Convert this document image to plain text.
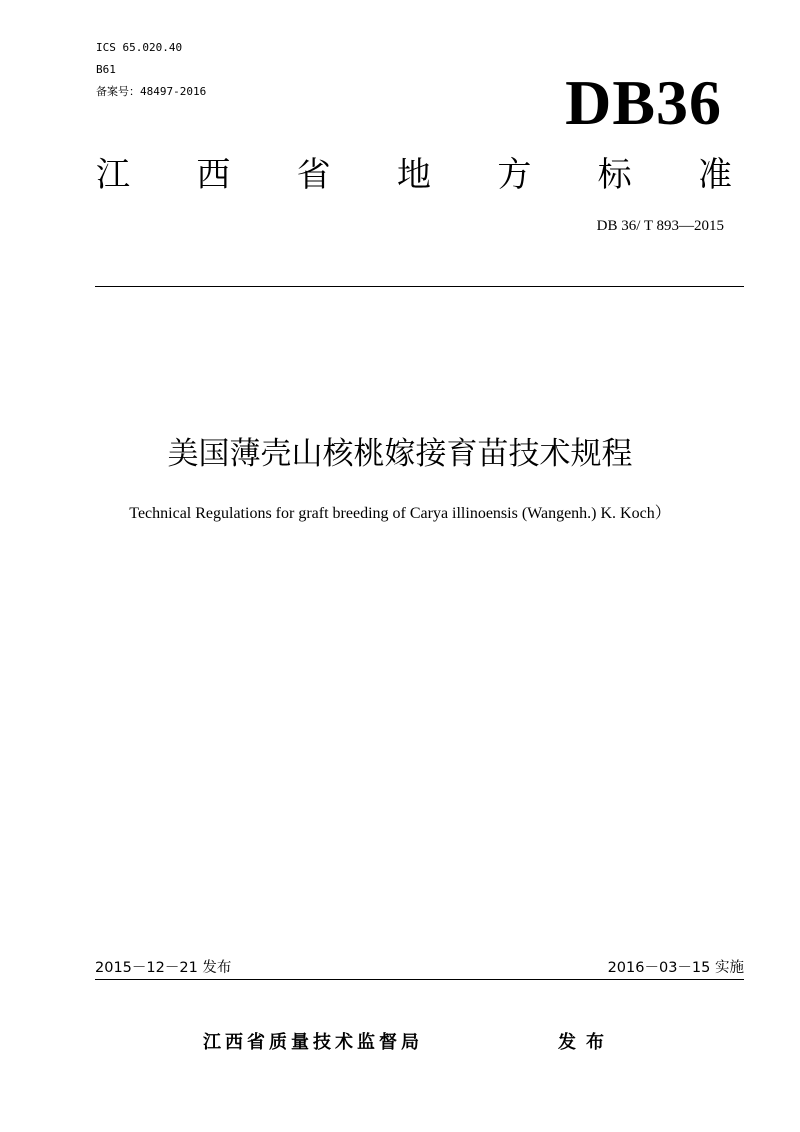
ICS 65.020.40
B61
备案号：48497-2016	DB36
江 西 省 地 方 标 准
DB 36/ T 893—2015
美国薄壳山核桃嫁接育苗技术规程
Technical Regulations for graft breeding of Carya illinoensis (Wangenh.) K. Koch）
2015－12－21 发布	2016－03－15 实施
江西省质量技术监督局	发布
